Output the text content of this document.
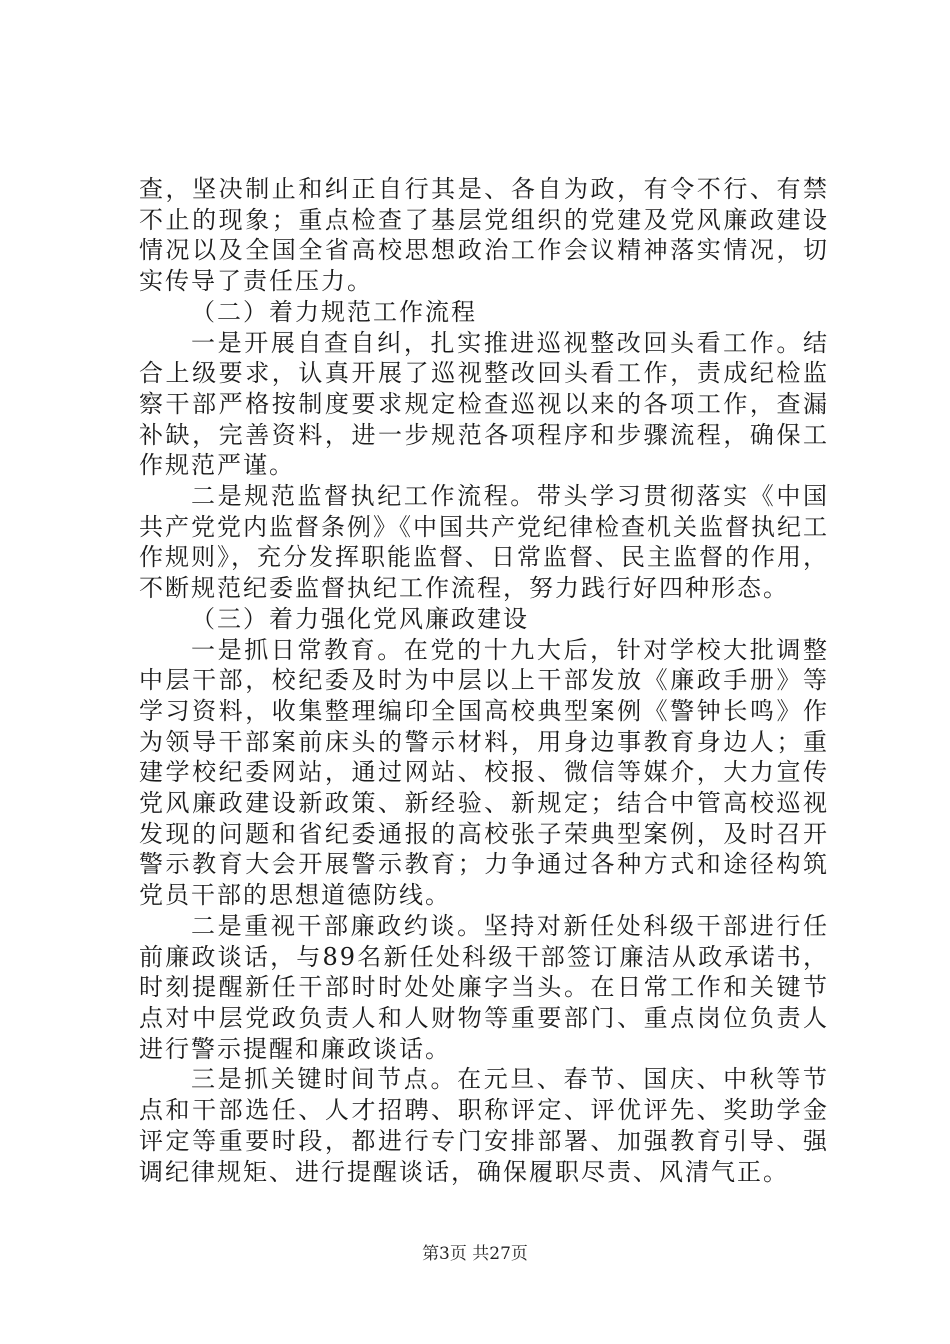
查，坚决制止和纠正自行其是、各自为政，有令不行、有禁不止的现象；重点检查了基层党组织的党建及党风廉政建设情况以及全国全省高校思想政治工作会议精神落实情况，切实传导了责任压力。

（二）着力规范工作流程

一是开展自查自纠，扎实推进巡视整改回头看工作。结合上级要求，认真开展了巡视整改回头看工作，责成纪检监察干部严格按制度要求规定检查巡视以来的各项工作，查漏补缺，完善资料，进一步规范各项程序和步骤流程，确保工作规范严谨。

二是规范监督执纪工作流程。带头学习贯彻落实《中国共产党党内监督条例》《中国共产党纪律检查机关监督执纪工作规则》，充分发挥职能监督、日常监督、民主监督的作用，不断规范纪委监督执纪工作流程，努力践行好四种形态。

（三）着力强化党风廉政建设

一是抓日常教育。在党的十九大后，针对学校大批调整中层干部，校纪委及时为中层以上干部发放《廉政手册》等学习资料，收集整理编印全国高校典型案例《警钟长鸣》作为领导干部案前床头的警示材料，用身边事教育身边人；重建学校纪委网站，通过网站、校报、微信等媒介，大力宣传党风廉政建设新政策、新经验、新规定；结合中管高校巡视发现的问题和省纪委通报的高校张子荣典型案例，及时召开警示教育大会开展警示教育；力争通过各种方式和途径构筑党员干部的思想道德防线。

二是重视干部廉政约谈。坚持对新任处科级干部进行任前廉政谈话，与89名新任处科级干部签订廉洁从政承诺书，时刻提醒新任干部时时处处廉字当头。在日常工作和关键节点对中层党政负责人和人财物等重要部门、重点岗位负责人进行警示提醒和廉政谈话。

三是抓关键时间节点。在元旦、春节、国庆、中秋等节点和干部选任、人才招聘、职称评定、评优评先、奖助学金评定等重要时段，都进行专门安排部署、加强教育引导、强调纪律规矩、进行提醒谈话，确保履职尽责、风清气正。

第3页 共27页
